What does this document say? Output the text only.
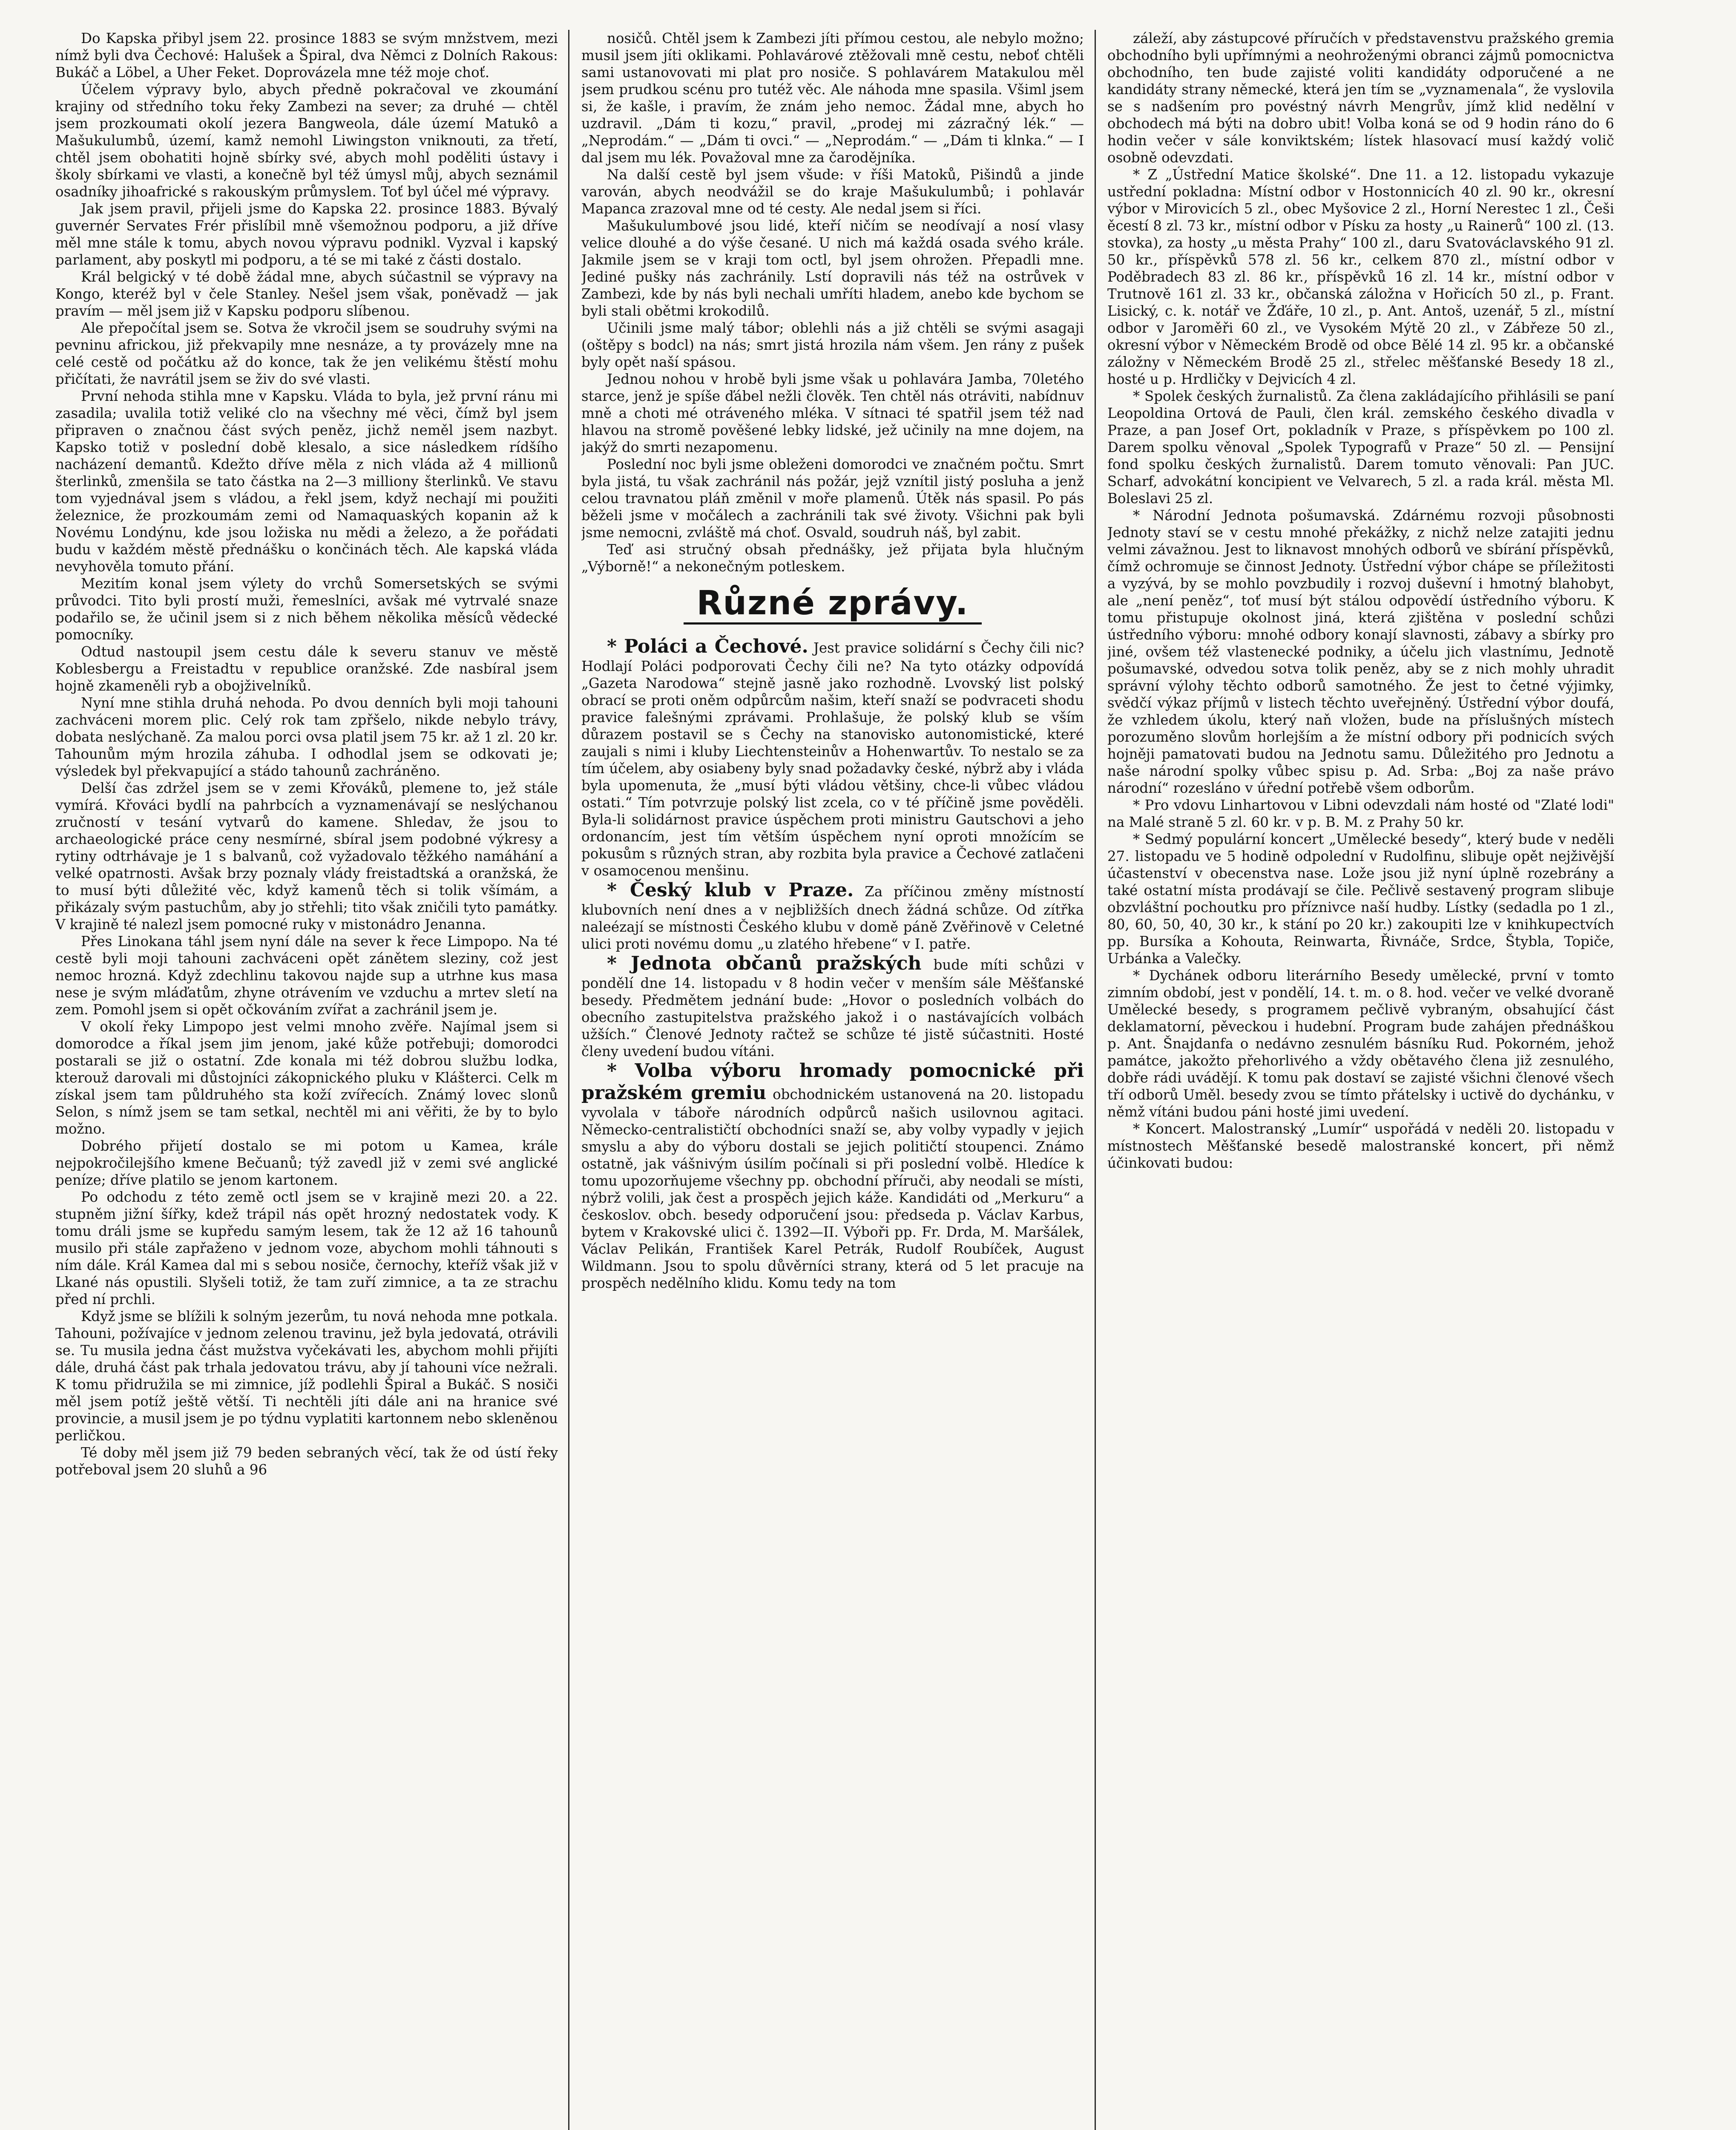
Do Kapska přibyl jsem 22. prosince 1883 se svým mnžstvem, mezi nímž byli dva Čechové: Halušek a Špiral, dva Němci z Dolních Rakous: Bukáč a Löbel, a Uher Feket. Doprovázela mne též moje choť.

Účelem výpravy bylo, abych předně pokračoval ve zkoumání krajiny od středního toku řeky Zambezi na sever; za druhé — chtěl jsem prozkoumati okolí jezera Bangweola, dále území Matukô a Mašukulumbů, území, kamž nemohl Liwingston vniknouti, za třetí, chtěl jsem obohatiti hojně sbírky své, abych mohl poděliti ústavy i školy sbírkami ve vlasti, a konečně byl též úmysl můj, abych seznámil osadníky jihoafrické s rakouským průmyslem. Toť byl účel mé výpravy.

Jak jsem pravil, přijeli jsme do Kapska 22. prosince 1883. Bývalý guvernér Servates Frér přislíbil mně všemožnou podporu, a již dříve měl mne stále k tomu, abych novou výpravu podnikl. Vyzval i kapský parlament, aby poskytl mi podporu, a té se mi také z části dostalo.

Král belgický v té době žádal mne, abych súčastnil se výpravy na Kongo, kteréž byl v čele Stanley. Nešel jsem však, poněvadž — jak pravím — měl jsem již v Kapsku podporu slíbenou.

Ale přepočítal jsem se. Sotva že vkročil jsem se soudruhy svými na pevninu africkou, již překvapily mne nesnáze, a ty provázely mne na celé cestě od počátku až do konce, tak že jen velikému štěstí mohu přičítati, že navrátil jsem se živ do své vlasti.

První nehoda stihla mne v Kapsku. Vláda to byla, jež první ránu mi zasadila; uvalila totiž veliké clo na všechny mé věci, čímž byl jsem připraven o značnou část svých peněz, jichž neměl jsem nazbyt. Kapsko totiž v poslední době klesalo, a sice následkem rídšího nacházení demantů. Kdežto dříve měla z nich vláda až 4 millionů šterlinků, zmenšila se tato částka na 2—3 milliony šterlinků. Ve stavu tom vyjednával jsem s vládou, a řekl jsem, když nechají mi použiti železnice, že prozkoumám zemi od Namaquaských kopanin až k Novému Londýnu, kde jsou ložiska nu mědi a železo, a že pořádati budu v každém městě přednášku o končinách těch. Ale kapská vláda nevyhověla tomuto přání.

Mezitím konal jsem výlety do vrchů Somersetských se svými průvodci. Tito byli prostí muži, řemeslníci, avšak mé vytrvalé snaze podařilo se, že učinil jsem si z nich během několika měsíců vědecké pomocníky.

Odtud nastoupil jsem cestu dále k severu stanuv ve městě Koblesbergu a Freistadtu v republice oranžské. Zde nasbíral jsem hojně zkameněli ryb a obojživelníků.

Nyní mne stihla druhá nehoda. Po dvou denních byli moji tahouni zachváceni morem plic. Celý rok tam zpřšelo, nikde nebylo trávy, dobata neslýchaně. Za malou porci ovsa platil jsem 75 kr. až 1 zl. 20 kr. Tahounům mým hrozila záhuba. I odhodlal jsem se odkovati je; výsledek byl překvapující a stádo tahounů zachráněno.

Delší čas zdržel jsem se v zemi Křováků, plemene to, jež stále vymírá. Křováci bydlí na pahrbcích a vyznamenávají se neslýchanou zručností v tesání vytvarů do kamene. Shledav, že jsou to archaeologické práce ceny nesmírné, sbíral jsem podobné výkresy a rytiny odtrhávaje je 1 s balvanů, což vyžadovalo těžkého namáhání a velké opatrnosti. Avšak brzy poznaly vlády freistadtská a oranžská, že to musí býti důležité věc, když kamenů těch si tolik všímám, a přikázaly svým pastuchům, aby jo střehli; tito však zničili tyto památky. V krajině té nalezl jsem pomocné ruky v mistonádro Jenanna.

Přes Linokana táhl jsem nyní dále na sever k řece Limpopo. Na té cestě byli moji tahouni zachváceni opět zánětem sleziny, což jest nemoc hrozná. Když zdechlinu takovou najde sup a utrhne kus masa nese je svým mláďatům, zhyne otrávením ve vzduchu a mrtev sletí na zem. Pomohl jsem si opět očkováním zvířat a zachránil jsem je.

V okolí řeky Limpopo jest velmi mnoho zvěře. Najímal jsem si domorodce a říkal jsem jim jenom, jaké kůže potřebuji; domorodci postarali se již o ostatní. Zde konala mi též dobrou službu lodka, kterouž darovali mi důstojníci zákopnického pluku v Klášterci. Celk m získal jsem tam půldruhého sta koží zvířecích. Známý lovec slonů Selon, s nímž jsem se tam setkal, nechtěl mi ani věřiti, že by to bylo možno.

Dobrého přijetí dostalo se mi potom u Kamea, krále nejpokročilejšího kmene Bečuanů; týž zavedl již v zemi své anglické peníze; dříve platilo se jenom kartonem.

Po odchodu z této země octl jsem se v krajině mezi 20. a 22. stupněm jižní šířky, kdež trápil nás opět hrozný nedostatek vody. K tomu dráli jsme se kupředu samým lesem, tak že 12 až 16 tahounů musilo při stále zapřaženo v jednom voze, abychom mohli táhnouti s ním dále. Král Kamea dal mi s sebou nosiče, černochy, kteříž však již v Lkané nás opustili. Slyšeli totiž, že tam zuří zimnice, a ta ze strachu před ní prchli.

Když jsme se blížili k solným jezerům, tu nová nehoda mne potkala. Tahouni, požívajíce v jednom zelenou travinu, jež byla jedovatá, otrávili se. Tu musila jedna část mužstva vyčekávati les, abychom mohli přijíti dále, druhá část pak trhala jedovatou trávu, aby jí tahouni více nežrali. K tomu přidružila se mi zimnice, jíž podlehli Špiral a Bukáč. S nosiči měl jsem potíž ještě větší. Ti nechtěli jíti dále ani na hranice své provincie, a musil jsem je po týdnu vyplatiti kartonnem nebo skleněnou perličkou.

Té doby měl jsem již 79 beden sebraných věcí, tak že od ústí řeky potřeboval jsem 20 sluhů a 96

nosičů. Chtěl jsem k Zambezi jíti přímou cestou, ale nebylo možno; musil jsem jíti oklikami. Pohlavárové ztěžovali mně cestu, neboť chtěli sami ustanovovati mi plat pro nosiče. S pohlavárem Matakulou měl jsem prudkou scénu pro tutéž věc. Ale náhoda mne spasila. Všiml jsem si, že kašle, i pravím, že znám jeho nemoc. Žádal mne, abych ho uzdravil. „Dám ti kozu,“ pravil, „prodej mi zázračný lék.“ — „Neprodám.“ — „Dám ti ovci.“ — „Neprodám.“ — „Dám ti klnka.“ — I dal jsem mu lék. Považoval mne za čarodějníka.

Na další cestě byl jsem všude: v říši Matoků, Pišindů a jinde varován, abych neodvážil se do kraje Mašukulumbů; i pohlavár Mapanca zrazoval mne od té cesty. Ale nedal jsem si říci.

Mašukulumbové jsou lidé, kteří ničím se neodívají a nosí vlasy velice dlouhé a do výše česané. U nich má každá osada svého krále. Jakmile jsem se v kraji tom octl, byl jsem ohrožen. Přepadli mne. Jediné pušky nás zachránily. Lstí dopravili nás též na ostrůvek v Zambezi, kde by nás byli nechali umříti hladem, anebo kde bychom se byli stali obětmi krokodilů.

Učinili jsme malý tábor; oblehli nás a již chtěli se svými asagaji (oštěpy s bodcl) na nás; smrt jistá hrozila nám všem. Jen rány z pušek byly opět naší spásou.

Jednou nohou v hrobě byli jsme však u pohlavára Jamba, 70letého starce, jenž je spíše ďábel nežli člověk. Ten chtěl nás otráviti, nabídnuv mně a choti mé otráveného mléka. V sítnaci té spatřil jsem též nad hlavou na stromě pověšené lebky lidské, jež učinily na mne dojem, na jakýž do smrti nezapomenu.

Poslední noc byli jsme obleženi domorodci ve značném počtu. Smrt byla jistá, tu však zachránil nás požár, jejž vznítil jistý posluha a jenž celou travnatou pláň změnil v moře plamenů. Útěk nás spasil. Po pás běželi jsme v močálech a zachránili tak své životy. Všichni pak byli jsme nemocni, zvláště má choť. Osvald, soudruh náš, byl zabit.

Teď asi stručný obsah přednášky, jež přijata byla hlučným „Výborně!“ a nekonečným potleskem.

Různé zprávy.

* Poláci a Čechové. Jest pravice solidární s Čechy čili nic? Hodlají Poláci podporovati Čechy čili ne? Na tyto otázky odpovídá „Gazeta Narodowa“ stejně jasně jako rozhodně. Lvovský list polský obrací se proti oněm odpůrcům našim, kteří snaží se podvraceti shodu pravice falešnými zprávami. Prohlašuje, že polský klub se vším důrazem postavil se s Čechy na stanovisko autonomistické, které zaujali s nimi i kluby Liechtensteinův a Hohenwartův. To nestalo se za tím účelem, aby osiabeny byly snad požadavky české, nýbrž aby i vláda byla upomenuta, že „musí býti vládou většiny, chce-li vůbec vládou ostati.“ Tím potvrzuje polský list zcela, co v té příčině jsme pověděli. Byla-li solidárnost pravice úspěchem proti ministru Gautschovi a jeho ordonancím, jest tím větším úspěchem nyní oproti množícím se pokusům s různých stran, aby rozbita byla pravice a Čechové zatlačeni v osamocenou menšinu.

* Český klub v Praze. Za příčinou změny místností klubovních není dnes a v nejbližších dnech žádná schůze. Od zítřka naleézají se místnosti Českého klubu v domě páně Zvěřinově v Celetné ulici proti novému domu „u zlatého hřebene“ v I. patře.

* Jednota občanů pražských bude míti schůzi v pondělí dne 14. listopadu v 8 hodin večer v menším sále Měšťanské besedy. Předmětem jednání bude: „Hovor o posledních volbách do obecního zastupitelstva pražského jakož i o nastávajících volbách užších.“ Členové Jednoty račtež se schůze té jistě súčastniti. Hosté členy uvedení budou vítáni.

* Volba výboru hromady pomocnické při pražském gremiu obchodnickém ustanovená na 20. listopadu vyvolala v táboře národních odpůrců našich usilovnou agitaci. Německo-centralističtí obchodníci snaží se, aby volby vypadly v jejich smyslu a aby do výboru dostali se jejich političtí stoupenci. Známo ostatně, jak vášnivým úsilím počínali si při poslední volbě. Hledíce k tomu upozorňujeme všechny pp. obchodní příruči, aby neodali se místi, nýbrž volili, jak čest a prospěch jejich káže. Kandidáti od „Merkuru“ a českoslov. obch. besedy odporučení jsou: předseda p. Václav Karbus, bytem v Krakovské ulici č. 1392—II. Výboři pp. Fr. Drda, M. Maršálek, Václav Pelikán, František Karel Petrák, Rudolf Roubíček, August Wildmann. Jsou to spolu důvěrníci strany, která od 5 let pracuje na prospěch nedělního klidu. Komu tedy na tom

záleží, aby zástupcové příručích v představenstvu pražského gremia obchodního byli upřímnými a neohroženými obranci zájmů pomocnictva obchodního, ten bude zajisté voliti kandidáty odporučené a ne kandidáty strany německé, která jen tím se „vyznamenala“, že vyslovila se s nadšením pro povéstný návrh Mengrův, jímž klid nedělní v obchodech má býti na dobro ubit! Volba koná se od 9 hodin ráno do 6 hodin večer v sále konviktském; lístek hlasovací musí každý volič osobně odevzdati.

* Z „Ústřední Matice školské“. Dne 11. a 12. listopadu vykazuje ustřední pokladna: Místní odbor v Hostonnicích 40 zl. 90 kr., okresní výbor v Mirovicích 5 zl., obec Myšovice 2 zl., Horní Nerestec 1 zl., Češi ěcestí 8 zl. 73 kr., místní odbor v Písku za hosty „u Rainerů“ 100 zl. (13. stovka), za hosty „u města Prahy“ 100 zl., daru Svatováclavského 91 zl. 50 kr., příspěvků 578 zl. 56 kr., celkem 870 zl., místní odbor v Poděbradech 83 zl. 86 kr., příspěvků 16 zl. 14 kr., místní odbor v Trutnově 161 zl. 33 kr., občanská záložna v Hořicích 50 zl., p. Frant. Lisický, c. k. notář ve Žďáře, 10 zl., p. Ant. Antoš, uzenář, 5 zl., místní odbor v Jaroměři 60 zl., ve Vysokém Mýtě 20 zl., v Zábřeze 50 zl., okresní výbor v Německém Brodě od obce Bělé 14 zl. 95 kr. a občanské záložny v Německém Brodě 25 zl., střelec měšťanské Besedy 18 zl., hosté u p. Hrdličky v Dejvicích 4 zl.

* Spolek českých žurnalistů. Za člena zakládajícího přihlásili se paní Leopoldina Ortová de Pauli, člen král. zemského českého divadla v Praze, a pan Josef Ort, pokladník v Praze, s příspěvkem po 100 zl. Darem spolku věnoval „Spolek Typografů v Praze“ 50 zl. — Pensijní fond spolku českých žurnalistů. Darem tomuto věnovali: Pan JUC. Scharf, advokátní koncipient ve Velvarech, 5 zl. a rada král. města Ml. Boleslavi 25 zl.

* Národní Jednota pošumavská. Zdárnému rozvoji působnosti Jednoty staví se v cestu mnohé překážky, z nichž nelze zatajiti jednu velmi závažnou. Jest to liknavost mnohých odborů ve sbírání příspěvků, čímž ochromuje se činnost Jednoty. Ústřední výbor chápe se příležitosti a vyzývá, by se mohlo povzbudily i rozvoj duševní i hmotný blahobyt, ale „není peněz“, toť musí být stálou odpovědí ústředního výboru. K tomu přistupuje okolnost jiná, která zjištěna v poslední schůzi ústředního výboru: mnohé odbory konají slavnosti, zábavy a sbírky pro jiné, ovšem též vlastenecké podniky, a účelu jich vlastnímu, Jednotě pošumavské, odvedou sotva tolik peněz, aby se z nich mohly uhradit správní výlohy těchto odborů samotného. Že jest to četné výjimky, svědčí výkaz příjmů v listech těchto uveřejněný. Ústřední výbor doufá, že vzhledem úkolu, který naň vložen, bude na příslušných místech porozuměno slovům horlejším a že místní odbory při podnicích svých hojněji pamatovati budou na Jednotu samu. Důležitého pro Jednotu a naše národní spolky vůbec spisu p. Ad. Srba: „Boj za naše právo národní“ rozesláno v úřední potřebě všem odborům.

* Pro vdovu Linhartovou v Libni odevzdali nám hosté od "Zlaté lodi" na Malé straně 5 zl. 60 kr. v p. B. M. z Prahy 50 kr.

* Sedmý populární koncert „Umělecké besedy“, který bude v neděli 27. listopadu ve 5 hodině odpolední v Rudolfinu, slibuje opět nejživější účastenství v obecenstva nase. Lože jsou již nyní úplně rozebrány a také ostatní místa prodávají se čile. Pečlivě sestavený program slibuje obzvláštní pochoutku pro příznivce naší hudby. Lístky (sedadla po 1 zl., 80, 60, 50, 40, 30 kr., k stání po 20 kr.) zakoupiti lze v knihkupectvích pp. Bursíka a Kohouta, Reinwarta, Řivnáče, Srdce, Štybla, Topiče, Urbánka a Valečky.

* Dychánek odboru literárního Besedy umělecké, první v tomto zimním období, jest v pondělí, 14. t. m. o 8. hod. večer ve velké dvoraně Umělecké besedy, s programem pečlivě vybraným, obsahující část deklamatorní, pěveckou i hudební. Program bude zahájen přednáškou p. Ant. Šnajdanfa o nedávno zesnulém básníku Rud. Pokorném, jehož památce, jakožto přehorlivého a vždy obětavého člena již zesnulého, dobře rádi uvádějí. K tomu pak dostaví se zajisté všichni členové všech tří odborů Uměl. besedy zvou se tímto přátelsky i uctivě do dychánku, v němž vítáni budou páni hosté jimi uvedení.

* Koncert. Malostranský „Lumír“ uspořádá v neděli 20. listopadu v místnostech Měšťanské besedě malostranské koncert, při němž účinkovati budou:
